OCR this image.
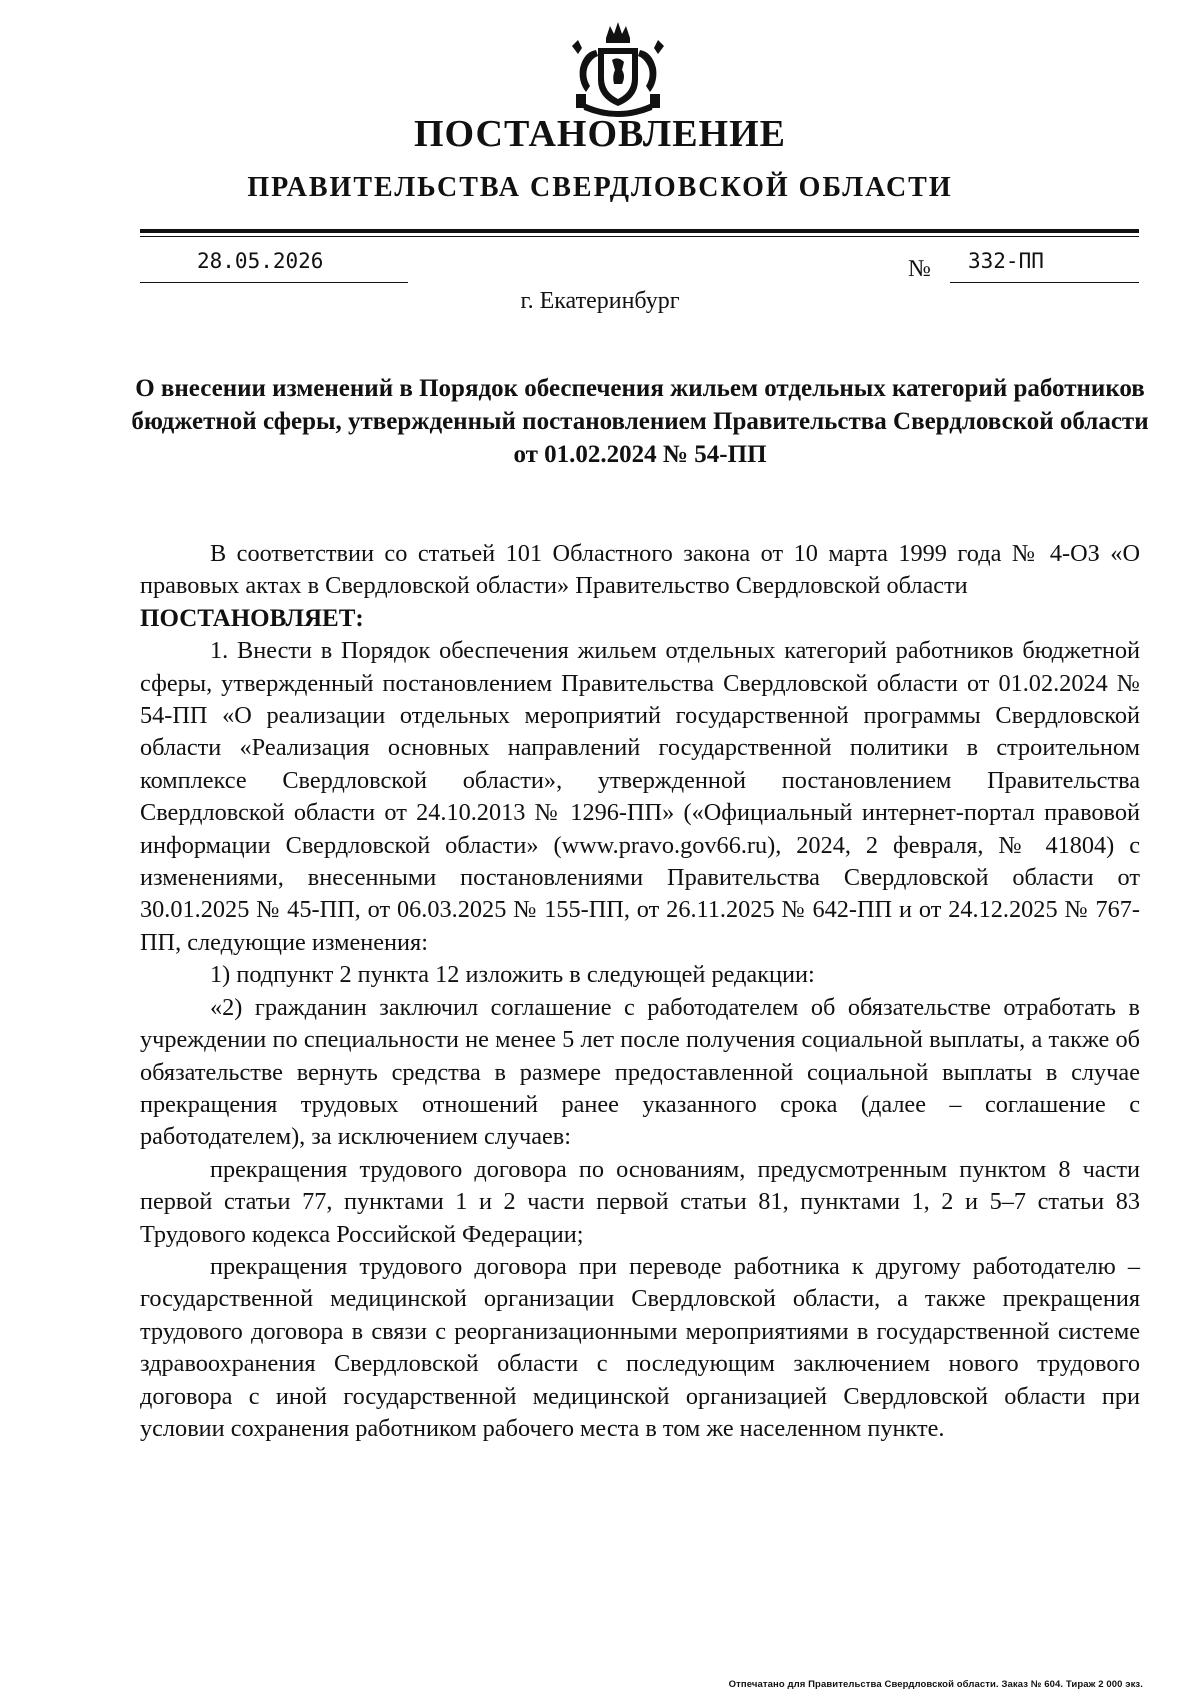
ПОСТАНОВЛЕНИЕ
ПРАВИТЕЛЬСТВА СВЕРДЛОВСКОЙ ОБЛАСТИ
28.05.2026	№ 332-ПП
г. Екатеринбург
О внесении изменений в Порядок обеспечения жильем отдельных категорий работников бюджетной сферы, утвержденный постановлением Правительства Свердловской области от 01.02.2024 № 54-ПП

В соответствии со статьей 101 Областного закона от 10 марта 1999 года № 4-ОЗ «О правовых актах в Свердловской области» Правительство Свердловской области

ПОСТАНОВЛЯЕТ:

1. Внести в Порядок обеспечения жильем отдельных категорий работников бюджетной сферы, утвержденный постановлением Правительства Свердловской области от 01.02.2024 № 54-ПП «О реализации отдельных мероприятий государственной программы Свердловской области «Реализация основных направлений государственной политики в строительном комплексе Свердловской области», утвержденной постановлением Правительства Свердловской области от 24.10.2013 № 1296-ПП» («Официальный интернет-портал правовой информации Свердловской области» (www.pravo.gov66.ru), 2024, 2 февраля, № 41804) с изменениями, внесенными постановлениями Правительства Свердловской области от 30.01.2025 № 45-ПП, от 06.03.2025 № 155-ПП, от 26.11.2025 № 642-ПП и от 24.12.2025 № 767-ПП, следующие изменения:

1) подпункт 2 пункта 12 изложить в следующей редакции:

«2) гражданин заключил соглашение с работодателем об обязательстве отработать в учреждении по специальности не менее 5 лет после получения социальной выплаты, а также об обязательстве вернуть средства в размере предоставленной социальной выплаты в случае прекращения трудовых отношений ранее указанного срока (далее – соглашение с работодателем), за исключением случаев:

прекращения трудового договора по основаниям, предусмотренным пунктом 8 части первой статьи 77, пунктами 1 и 2 части первой статьи 81, пунктами 1, 2 и 5–7 статьи 83 Трудового кодекса Российской Федерации;

прекращения трудового договора при переводе работника к другому работодателю – государственной медицинской организации Свердловской области, а также прекращения трудового договора в связи с реорганизационными мероприятиями в государственной системе здравоохранения Свердловской области с последующим заключением нового трудового договора с иной государственной медицинской организацией Свердловской области при условии сохранения работником рабочего места в том же населенном пункте.

Отпечатано для Правительства Свердловской области. Заказ № 604. Тираж 2 000 экз.
